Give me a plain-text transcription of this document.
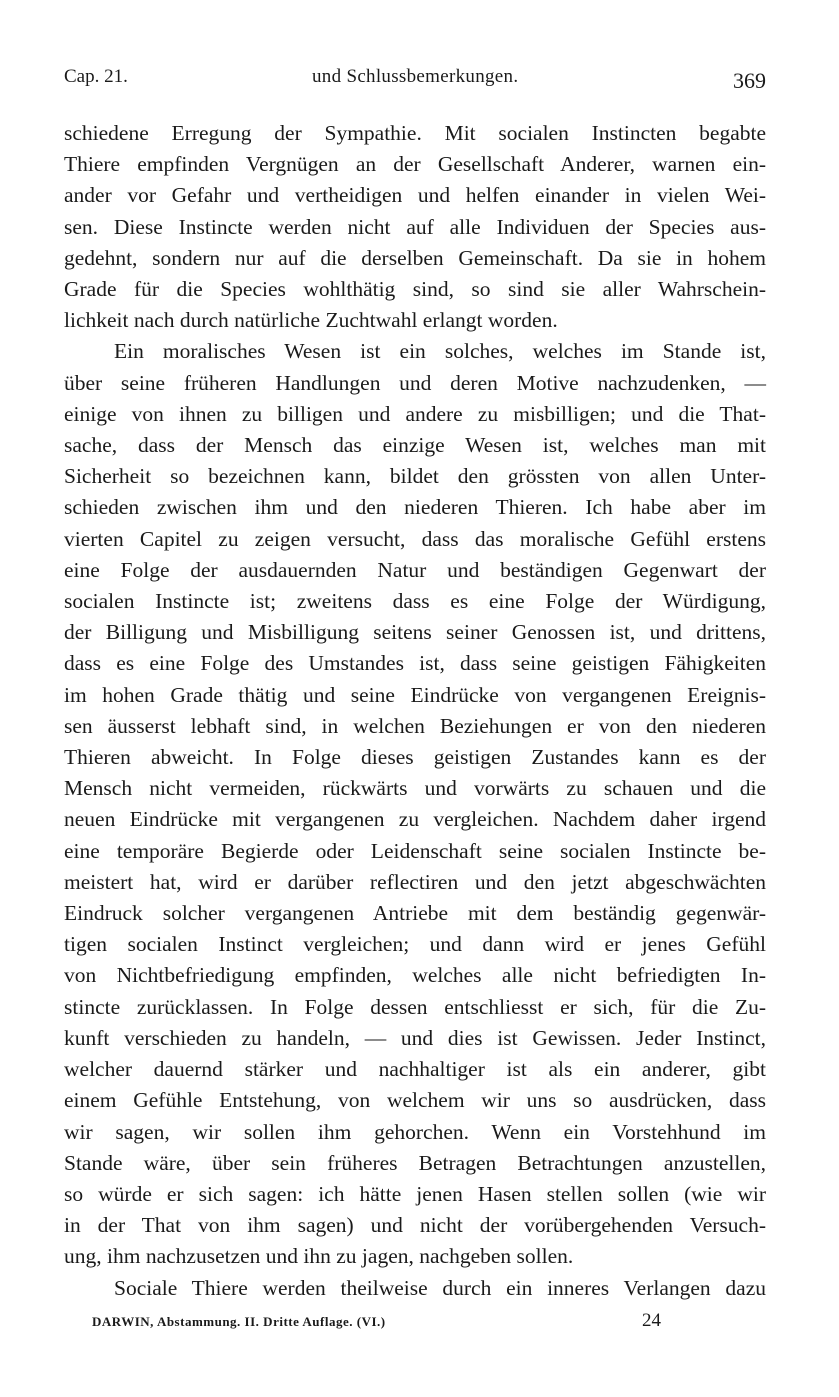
Cap. 21.	und Schlussbemerkungen.	369
schiedene Erregung der Sympathie. Mit socialen Instincten begabte
Thiere empfinden Vergnügen an der Gesellschaft Anderer, warnen ein-
ander vor Gefahr und vertheidigen und helfen einander in vielen Wei-
sen. Diese Instincte werden nicht auf alle Individuen der Species aus-
gedehnt, sondern nur auf die derselben Gemeinschaft. Da sie in hohem
Grade für die Species wohlthätig sind, so sind sie aller Wahrschein-
lichkeit nach durch natürliche Zuchtwahl erlangt worden.
Ein moralisches Wesen ist ein solches, welches im Stande ist,
über seine früheren Handlungen und deren Motive nachzudenken, —
einige von ihnen zu billigen und andere zu misbilligen; und die That-
sache, dass der Mensch das einzige Wesen ist, welches man mit
Sicherheit so bezeichnen kann, bildet den grössten von allen Unter-
schieden zwischen ihm und den niederen Thieren. Ich habe aber im
vierten Capitel zu zeigen versucht, dass das moralische Gefühl erstens
eine Folge der ausdauernden Natur und beständigen Gegenwart der
socialen Instincte ist; zweitens dass es eine Folge der Würdigung,
der Billigung und Misbilligung seitens seiner Genossen ist, und drittens,
dass es eine Folge des Umstandes ist, dass seine geistigen Fähigkeiten
im hohen Grade thätig und seine Eindrücke von vergangenen Ereignis-
sen äusserst lebhaft sind, in welchen Beziehungen er von den niederen
Thieren abweicht. In Folge dieses geistigen Zustandes kann es der
Mensch nicht vermeiden, rückwärts und vorwärts zu schauen und die
neuen Eindrücke mit vergangenen zu vergleichen. Nachdem daher irgend
eine temporäre Begierde oder Leidenschaft seine socialen Instincte be-
meistert hat, wird er darüber reflectiren und den jetzt abgeschwächten
Eindruck solcher vergangenen Antriebe mit dem beständig gegenwär-
tigen socialen Instinct vergleichen; und dann wird er jenes Gefühl
von Nichtbefriedigung empfinden, welches alle nicht befriedigten In-
stincte zurücklassen. In Folge dessen entschliesst er sich, für die Zu-
kunft verschieden zu handeln, — und dies ist Gewissen. Jeder Instinct,
welcher dauernd stärker und nachhaltiger ist als ein anderer, gibt
einem Gefühle Entstehung, von welchem wir uns so ausdrücken, dass
wir sagen, wir sollen ihm gehorchen. Wenn ein Vorstehhund im
Stande wäre, über sein früheres Betragen Betrachtungen anzustellen,
so würde er sich sagen: ich hätte jenen Hasen stellen sollen (wie wir
in der That von ihm sagen) und nicht der vorübergehenden Versuch-
ung, ihm nachzusetzen und ihn zu jagen, nachgeben sollen.
Sociale Thiere werden theilweise durch ein inneres Verlangen dazu
DARWIN, Abstammung. II. Dritte Auflage. (VI.)	24
